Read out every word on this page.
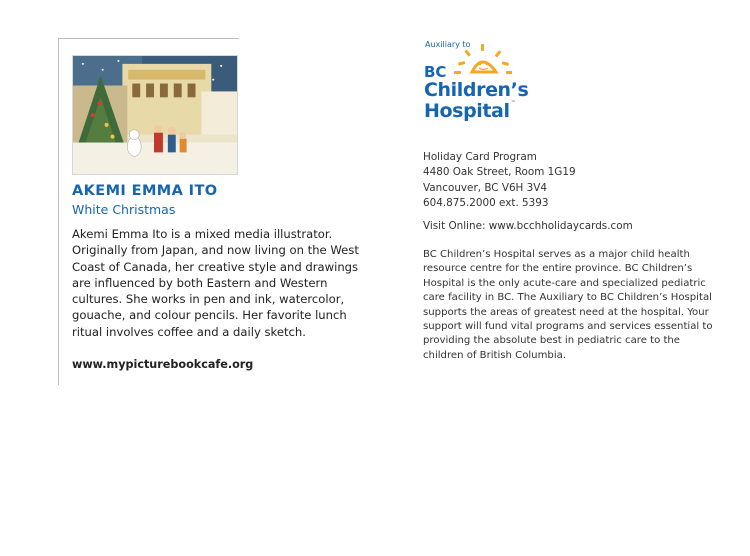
AKEMI EMMA ITO
White Christmas
Akemi Emma Ito is a mixed media illustrator. Originally from Japan, and now living on the West Coast of Canada, her creative style and drawings are influenced by both Eastern and Western cultures. She works in pen and ink, watercolor, gouache, and colour pencils. Her favorite lunch ritual involves coffee and a daily sketch.
www.mypicturebookcafe.org
Auxiliary to
BC
Children’s
Hospital ™
Holiday Card Program
4480 Oak Street, Room 1G19
Vancouver, BC V6H 3V4
604.875.2000 ext. 5393
Visit Online: www.bcchholidaycards.com
BC Children’s Hospital serves as a major child health resource centre for the entire province. BC Children’s Hospital is the only acute-care and specialized pediatric care facility in BC. The Auxiliary to BC Children’s Hospital supports the areas of greatest need at the hospital. Your support will fund vital programs and services essential to providing the absolute best in pediatric care to the children of British Columbia.
